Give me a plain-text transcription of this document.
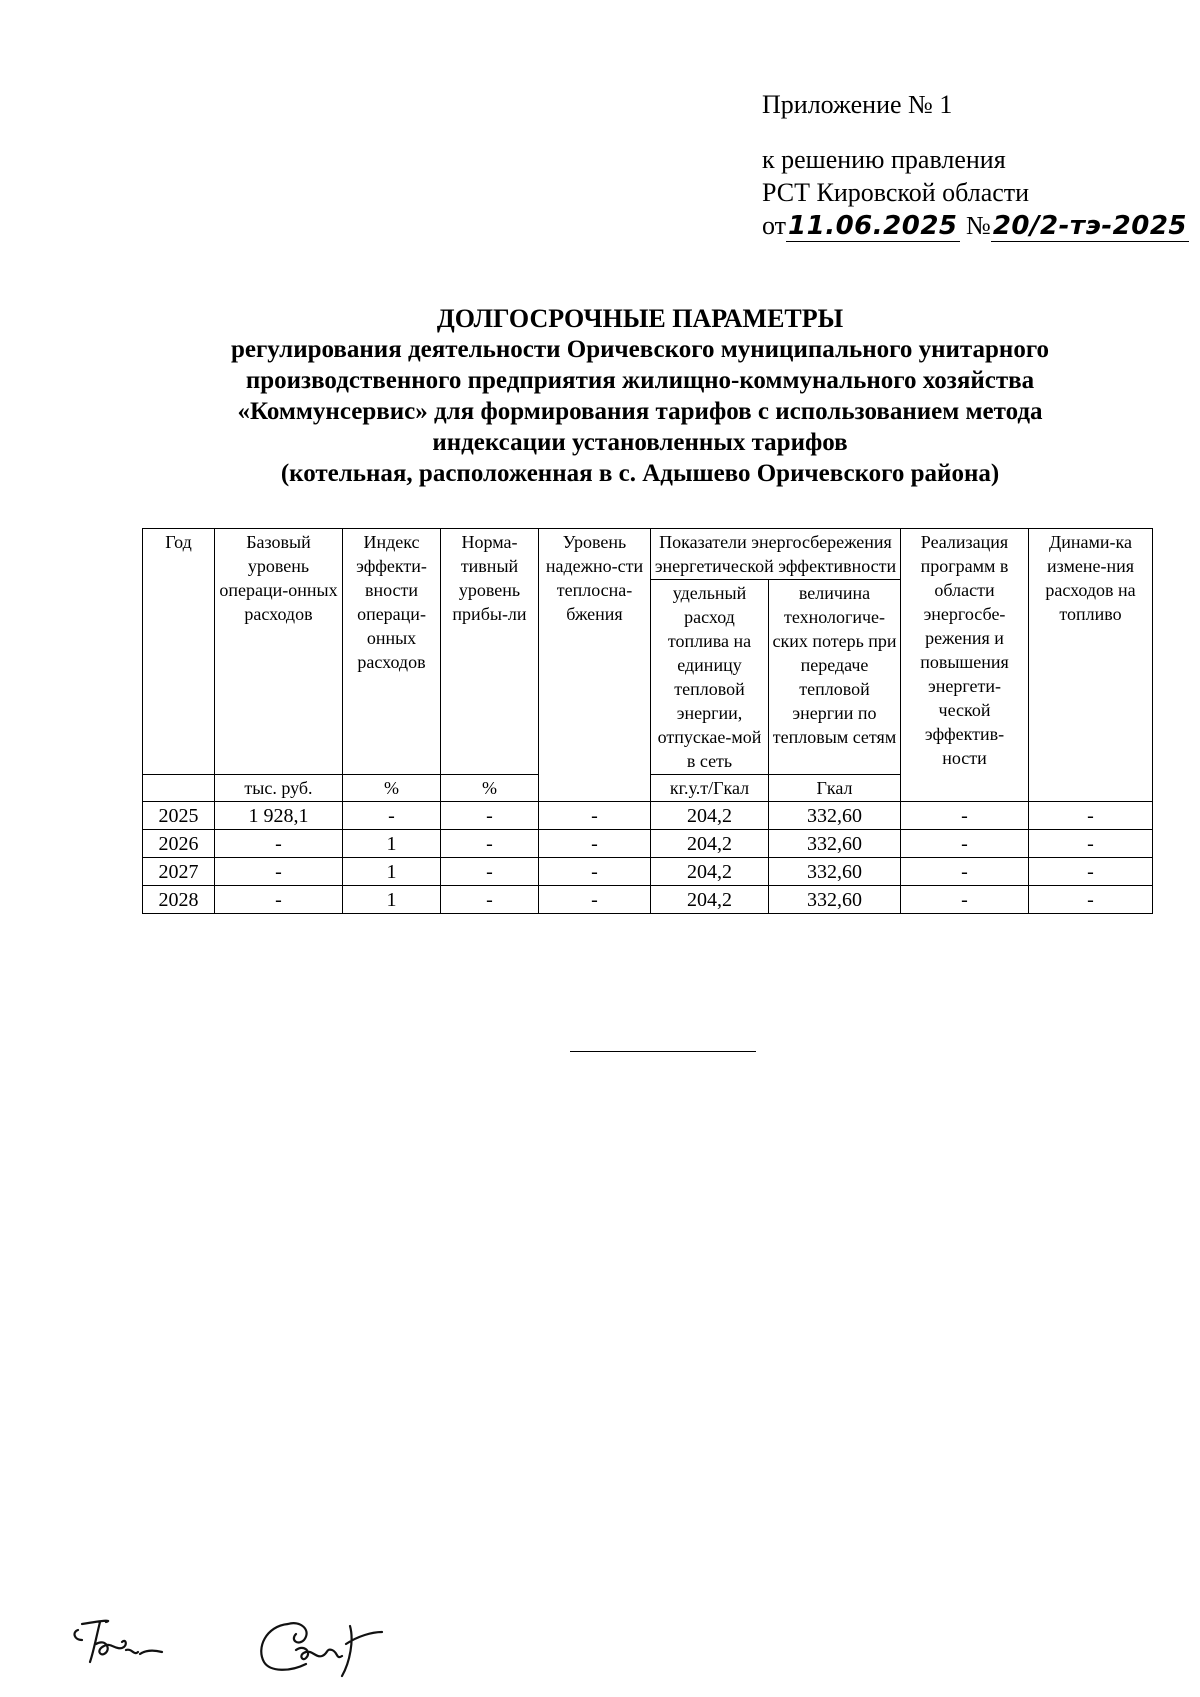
Приложение № 1
к решению правления
РСТ Кировской области
от11.06.2025 №20/2-тэ-2025
ДОЛГОСРОЧНЫЕ ПАРАМЕТРЫ
регулирования деятельности Оричевского муниципального унитарного
производственного предприятия жилищно-коммунального хозяйства
«Коммунсервис» для формирования тарифов с использованием метода
индексации установленных тарифов
(котельная, расположенная в с. Адышево Оричевского района)
Год	Базовый уровень операци-онных расходов	Индекс эффекти-вности операци-онных расходов	Норма-тивный уровень прибы-ли	Уровень надежно-сти теплосна-бжения	Показатели энергосбережения энергетической эффективности		Реализация программ в области энергосбе-режения и повышения энергети-ческой эффектив-ности	Динами-ка измене-ния расходов на топливо
					удельный расход топлива на единицу тепловой энергии, отпускае-мой в сеть	величина технологиче-ских потерь при передаче тепловой энергии по тепловым сетям		
	тыс. руб.	%	%		кг.у.т/Гкал	Гкал		
2025	1 928,1	-	-	-	204,2	332,60	-	-
2026	-	1	-	-	204,2	332,60	-	-
2027	-	1	-	-	204,2	332,60	-	-
2028	-	1	-	-	204,2	332,60	-	-
